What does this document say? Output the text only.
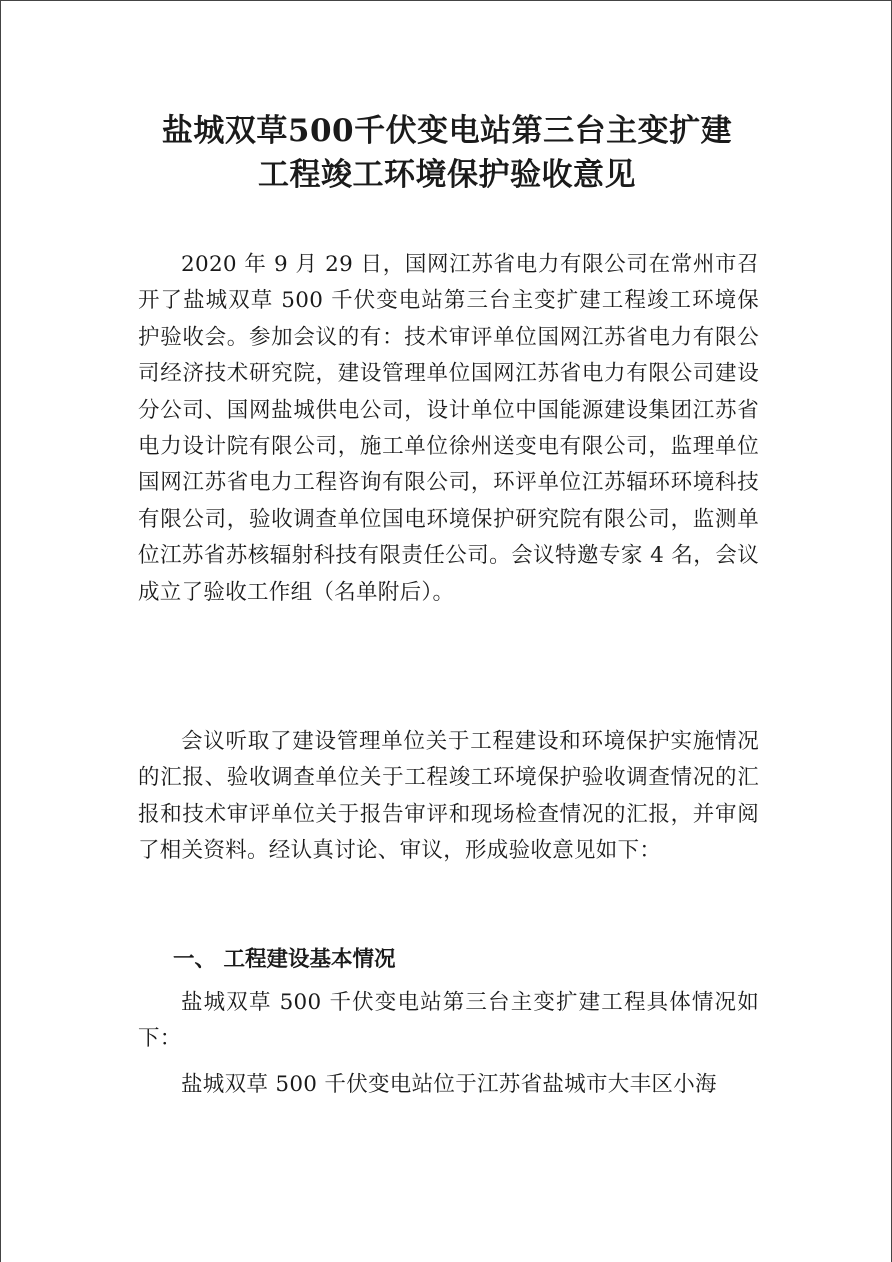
盐城双草500千伏变电站第三台主变扩建
工程竣工环境保护验收意见

2020 年 9 月 29 日，国网江苏省电力有限公司在常州市召开了盐城双草 500 千伏变电站第三台主变扩建工程竣工环境保护验收会。参加会议的有：技术审评单位国网江苏省电力有限公司经济技术研究院，建设管理单位国网江苏省电力有限公司建设分公司、国网盐城供电公司，设计单位中国能源建设集团江苏省电力设计院有限公司，施工单位徐州送变电有限公司，监理单位国网江苏省电力工程咨询有限公司，环评单位江苏辐环环境科技有限公司，验收调查单位国电环境保护研究院有限公司，监测单位江苏省苏核辐射科技有限责任公司。会议特邀专家 4 名，会议成立了验收工作组（名单附后）。

会议听取了建设管理单位关于工程建设和环境保护实施情况的汇报、验收调查单位关于工程竣工环境保护验收调查情况的汇报和技术审评单位关于报告审评和现场检查情况的汇报，并审阅了相关资料。经认真讨论、审议，形成验收意见如下：

一、 工程建设基本情况

盐城双草 500 千伏变电站第三台主变扩建工程具体情况如下：

盐城双草 500 千伏变电站位于江苏省盐城市大丰区小海
